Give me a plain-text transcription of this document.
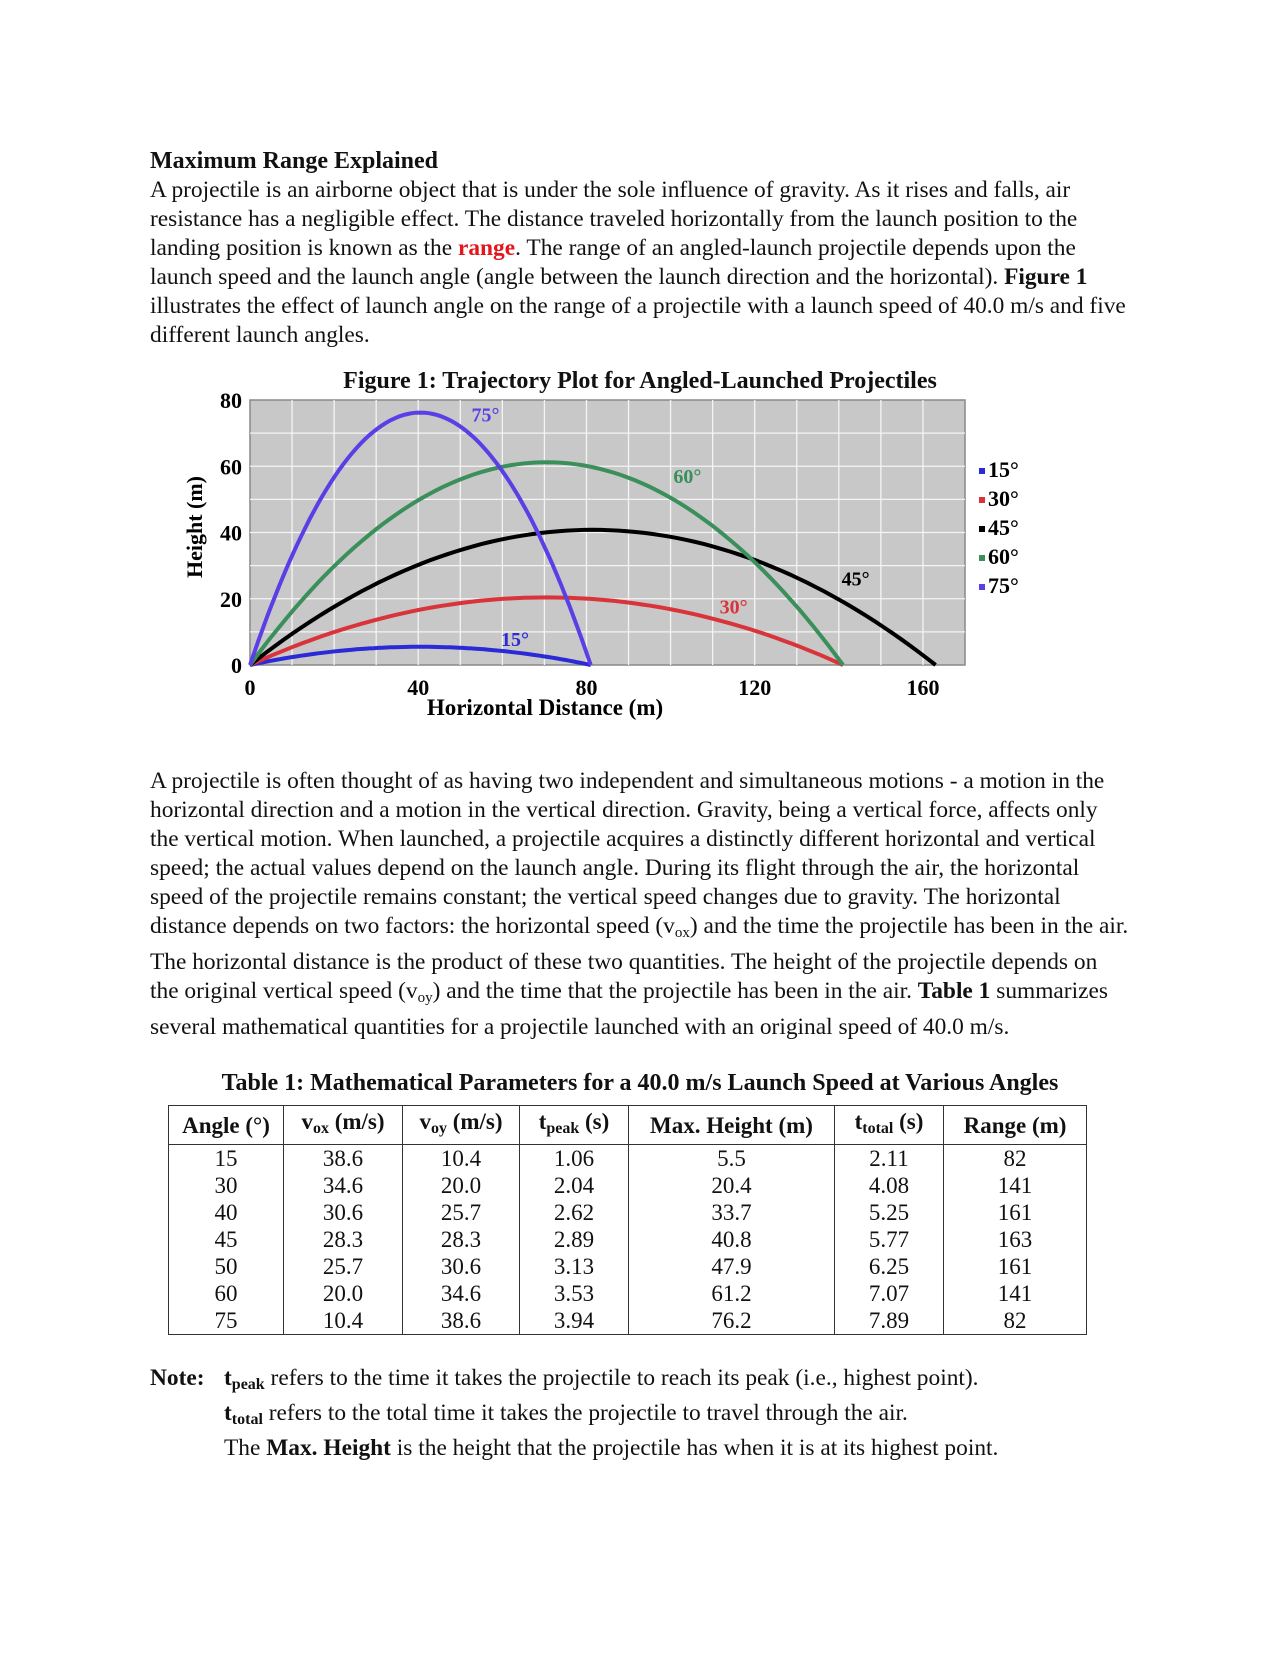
Maximum Range Explained

A projectile is an airborne object that is under the sole influence of gravity. As it rises and falls, air resistance has a negligible effect. The distance traveled horizontally from the launch position to the landing position is known as the range. The range of an angled-launch projectile depends upon the launch speed and the launch angle (angle between the launch direction and the horizontal). Figure 1 illustrates the effect of launch angle on the range of a projectile with a launch speed of 40.0 m/s and five different launch angles.

Figure 1: Trajectory Plot for Angled-Launched Projectiles
0	40	80	120	160
0
20
40
60
80
15°
30°
45°
60°
75°
15°
30°
45°
60°
75°
Horizontal Distance (m)
Height (m)
A projectile is often thought of as having two independent and simultaneous motions - a motion in the horizontal direction and a motion in the vertical direction. Gravity, being a vertical force, affects only the vertical motion. When launched, a projectile acquires a distinctly different horizontal and vertical speed; the actual values depend on the launch angle. During its flight through the air, the horizontal speed of the projectile remains constant; the vertical speed changes due to gravity. The horizontal distance depends on two factors: the horizontal speed $(v_{ox})$ and the time the projectile has been in the air. The horizontal distance is the product of these two quantities. The height of the projectile depends on the original vertical speed $(v_{oy})$ and the time that the projectile has been in the air. Table 1 summarizes several mathematical quantities for a projectile launched with an original speed of 40.0 m/s.
Table 1: Mathematical Parameters for a 40.0 m/s Launch Speed at Various Angles
Angle (°)	vox (m/s)	voy (m/s)	tpeak (s)	Max. Height (m)	ttotal (s)	Range (m)
15	38.6	10.4	1.06	5.5	2.11	82
30	34.6	20.0	2.04	20.4	4.08	141
40	30.6	25.7	2.62	33.7	5.25	161
45	28.3	28.3	2.89	40.8	5.77	163
50	25.7	30.6	3.13	47.9	6.25	161
60	20.0	34.6	3.53	61.2	7.07	141
75	10.4	38.6	3.94	76.2	7.89	82
Note: tpeak refers to the time it takes the projectile to reach its peak (i.e., highest point).
ttotal refers to the total time it takes the projectile to travel through the air.
The Max. Height is the height that the projectile has when it is at its highest point.
